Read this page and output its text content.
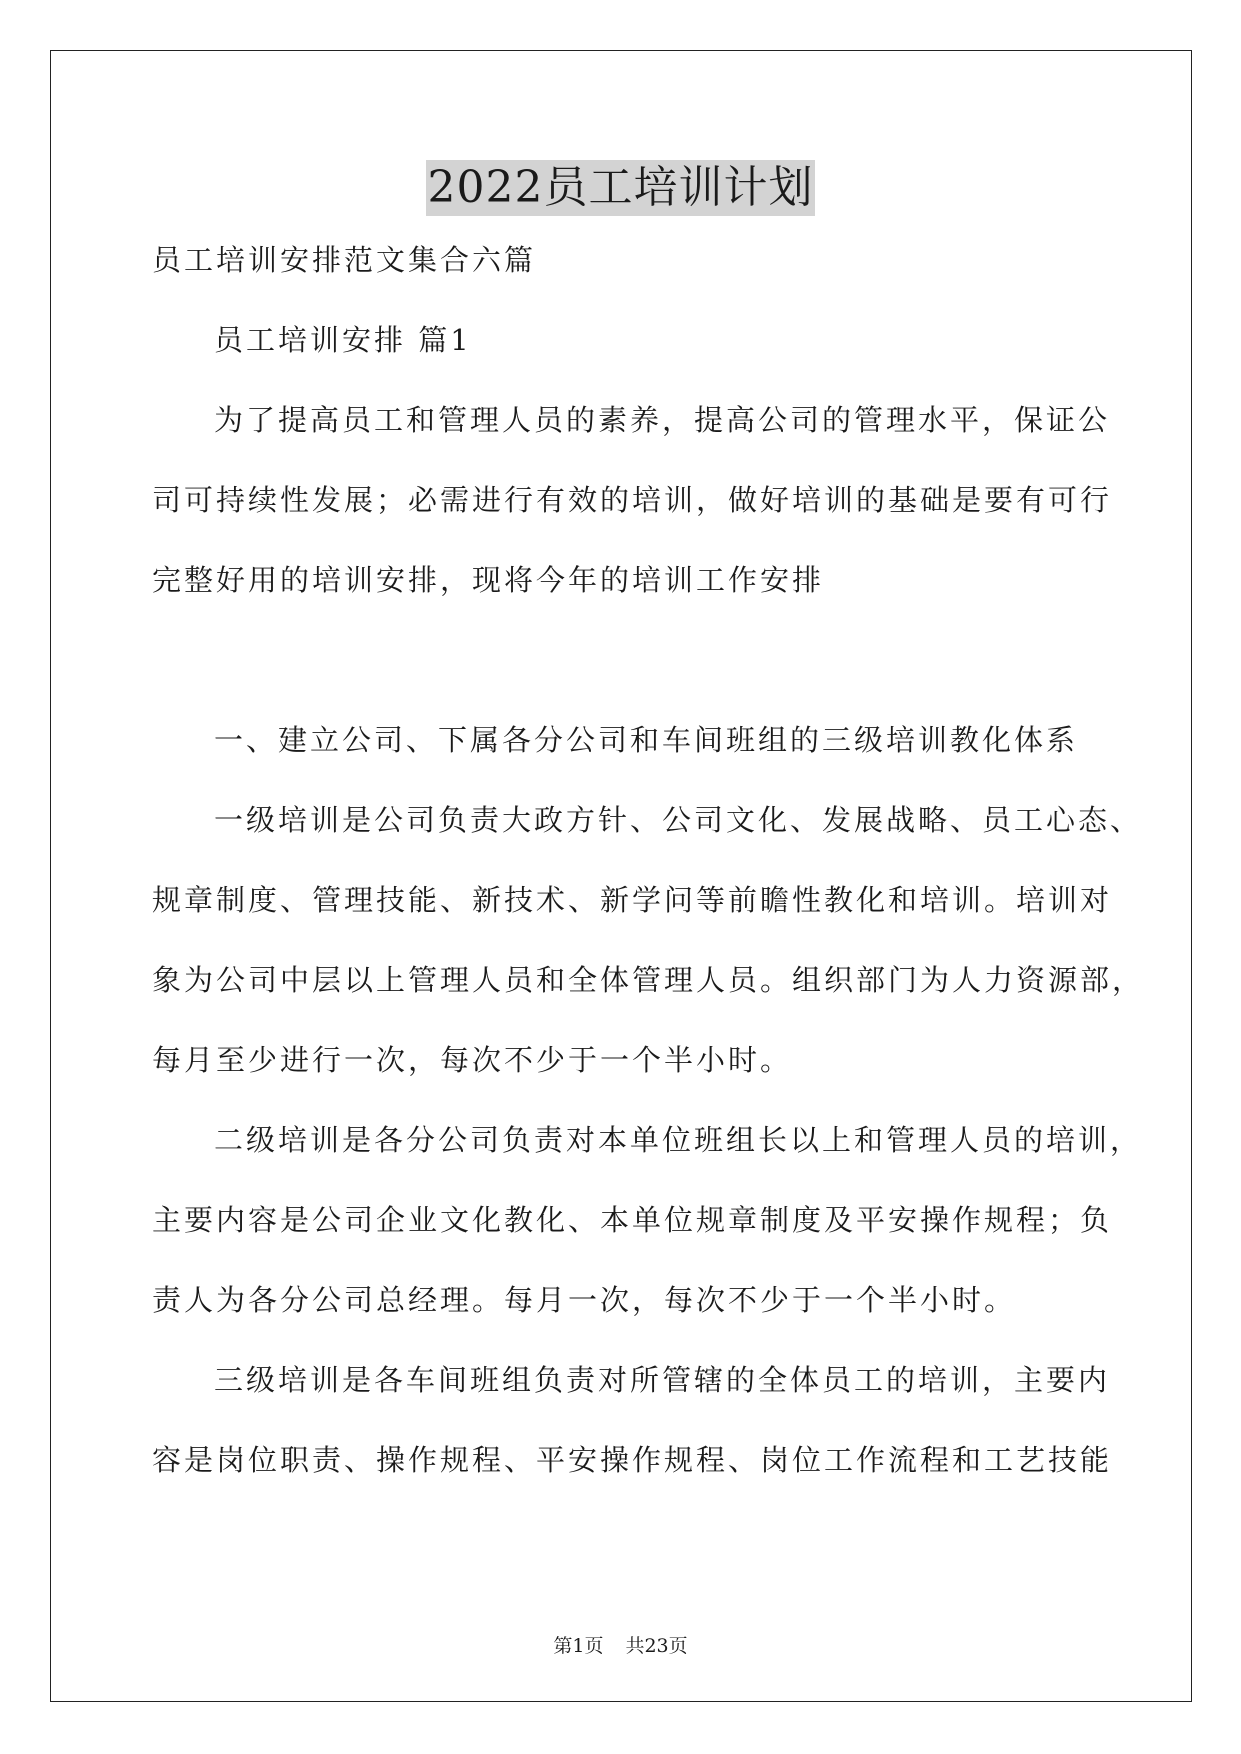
2022员工培训计划
员工培训安排范文集合六篇
员工培训安排 篇1
为了提高员工和管理人员的素养，提高公司的管理水平，保证公
司可持续性发展；必需进行有效的培训，做好培训的基础是要有可行
完整好用的培训安排，现将今年的培训工作安排
一、建立公司、下属各分公司和车间班组的三级培训教化体系
一级培训是公司负责大政方针、公司文化、发展战略、员工心态、
规章制度、管理技能、新技术、新学问等前瞻性教化和培训。培训对
象为公司中层以上管理人员和全体管理人员。组织部门为人力资源部，
每月至少进行一次，每次不少于一个半小时。
二级培训是各分公司负责对本单位班组长以上和管理人员的培训，
主要内容是公司企业文化教化、本单位规章制度及平安操作规程；负
责人为各分公司总经理。每月一次，每次不少于一个半小时。
三级培训是各车间班组负责对所管辖的全体员工的培训，主要内
容是岗位职责、操作规程、平安操作规程、岗位工作流程和工艺技能
第1页 共23页
